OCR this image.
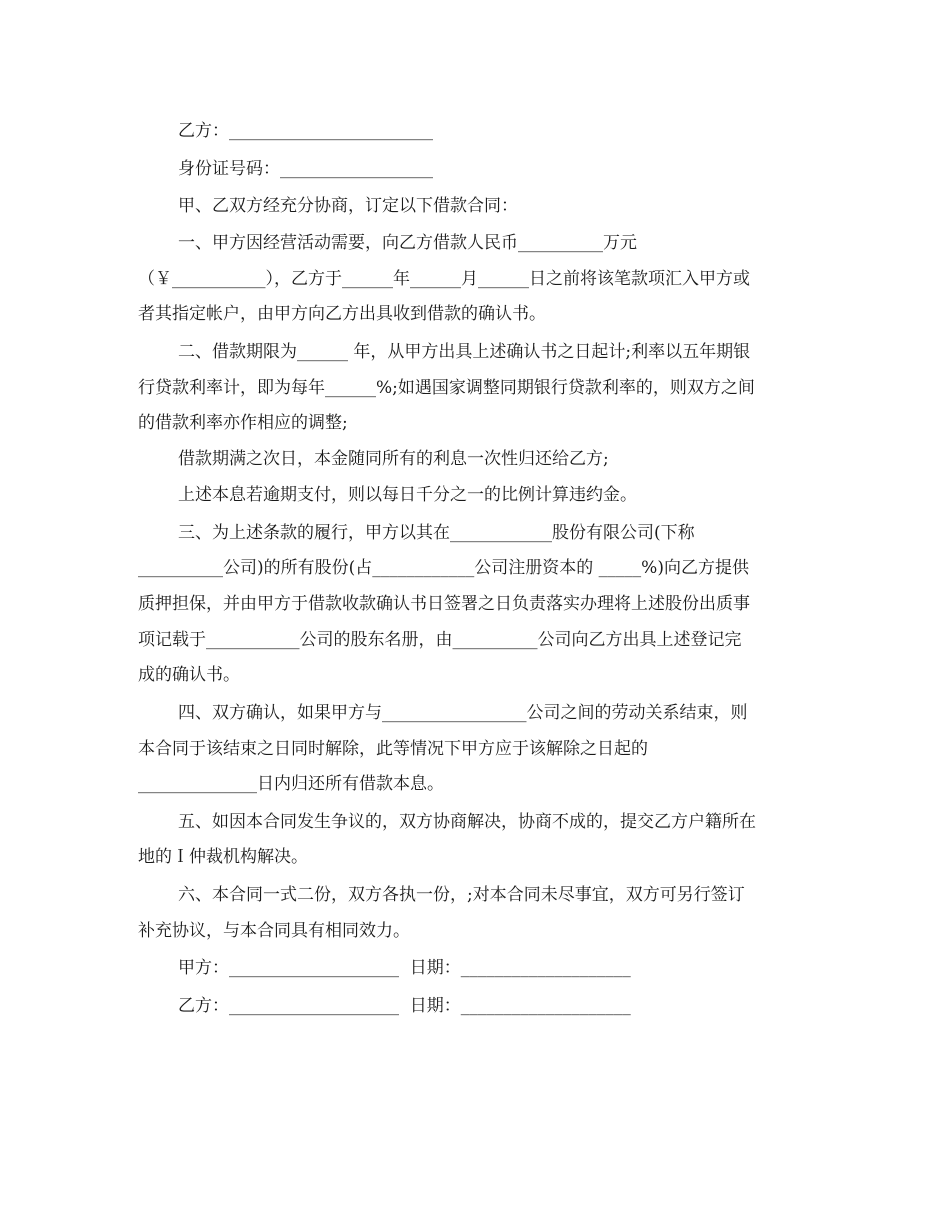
乙方：________________________
身份证号码：__________________
甲、乙双方经充分协商，订定以下借款合同：
一、甲方因经营活动需要，向乙方借款人民币__________万元
（￥___________），乙方于______年______月______日之前将该笔款项汇入甲方或
者其指定帐户，由甲方向乙方出具收到借款的确认书。
二、借款期限为______ 年，从甲方出具上述确认书之日起计;利率以五年期银
行贷款利率计，即为每年______%;如遇国家调整同期银行贷款利率的，则双方之间
的借款利率亦作相应的调整;
借款期满之次日，本金随同所有的利息一次性归还给乙方;
上述本息若逾期支付，则以每日千分之一的比例计算违约金。
三、为上述条款的履行，甲方以其在____________股份有限公司(下称
__________公司)的所有股份(占____________公司注册资本的 _____%)向乙方提供
质押担保，并由甲方于借款收款确认书日签署之日负责落实办理将上述股份出质事
项记载于___________公司的股东名册，由__________公司向乙方出具上述登记完
成的确认书。
四、双方确认，如果甲方与_________________公司之间的劳动关系结束，则
本合同于该结束之日同时解除，此等情况下甲方应于该解除之日起的
______________日内归还所有借款本息。
五、如因本合同发生争议的，双方协商解决，协商不成的，提交乙方户籍所在
地的Ｉ仲裁机构解决。
六、本合同一式二份，双方各执一份，;对本合同未尽事宜，双方可另行签订
补充协议，与本合同具有相同效力。
甲方：____________________  日期：____________________
乙方：____________________  日期：____________________
